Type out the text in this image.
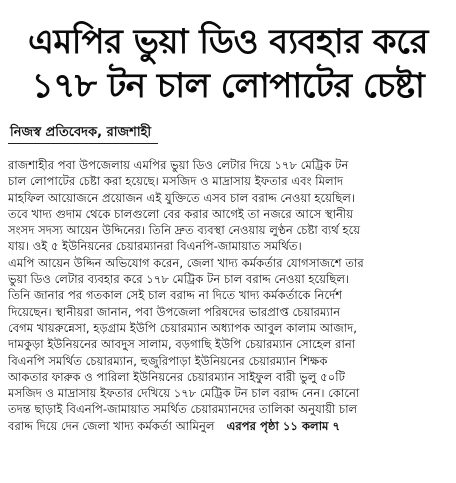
এমপির ভুয়া ডিও ব্যবহার করে
১৭৮ টন চাল লোপাটের চেষ্টা
নিজস্ব প্রতিবেদক, রাজশাহী
রাজশাহীর পবা উপজেলায় এমপির ভুয়া ডিও লেটার দিয়ে ১৭৮ মেট্রিক টন
চাল লোপাটের চেষ্টা করা হয়েছে। মসজিদ ও মাদ্রাসায় ইফতার এবং মিলাদ
মাহফিল আয়োজনে প্রয়োজন এই যুক্তিতে এসব চাল বরাদ্দ নেওয়া হয়েছিল।
তবে খাদ্য গুদাম থেকে চালগুলো বের করার আগেই তা নজরে আসে স্থানীয়
সংসদ সদস্য আয়েন উদ্দিনের। তিনি দ্রুত ব্যবস্থা নেওয়ায় লুণ্ঠন চেষ্টা ব্যর্থ হয়ে
যায়। ওই ৫ ইউনিয়নের চেয়ারম্যানরা বিএনপি-জামায়াত সমর্থিত।
এমপি আয়েন উদ্দিন অভিযোগ করেন, জেলা খাদ্য কর্মকর্তার যোগসাজশে তার
ভুয়া ডিও লেটার ব্যবহার করে ১৭৮ মেট্রিক টন চাল বরাদ্দ নেওয়া হয়েছিল।
তিনি জানার পর গতকাল সেই চাল বরাদ্দ না দিতে খাদ্য কর্মকর্তাকে নির্দেশ
দিয়েছেন। স্থানীয়রা জানান, পবা উপজেলা পরিষদের ভারপ্রাপ্ত চেয়ারম্যান
বেগম খায়রুন্নেসা, হড়গ্রাম ইউপি চেয়ারম্যান অধ্যাপক আবুল কালাম আজাদ,
দামকুড়া ইউনিয়নের আবদুস সালাম, বড়গাছি ইউপি চেয়ারম্যান সোহেল রানা
বিএনপি সমর্থিত চেয়ারম্যান, হুজুরিপাড়া ইউনিয়নের চেয়ারম্যান শিক্ষক
আকতার ফারুক ও পারিলা ইউনিয়নের চেয়ারম্যান সাইফুল বারী ভুলু ৫০টি
মসজিদ ও মাদ্রাসায় ইফতার দেখিয়ে ১৭৮ মেট্রিক টন চাল বরাদ্দ নেন। কোনো
তদন্ত ছাড়াই বিএনপি-জামায়াত সমর্থিত চেয়ারম্যানদের তালিকা অনুযায়ী চাল
বরাদ্দ দিয়ে দেন জেলা খাদ্য কর্মকর্তা আমিনুল এরপর পৃষ্ঠা ১১ কলাম ৭
